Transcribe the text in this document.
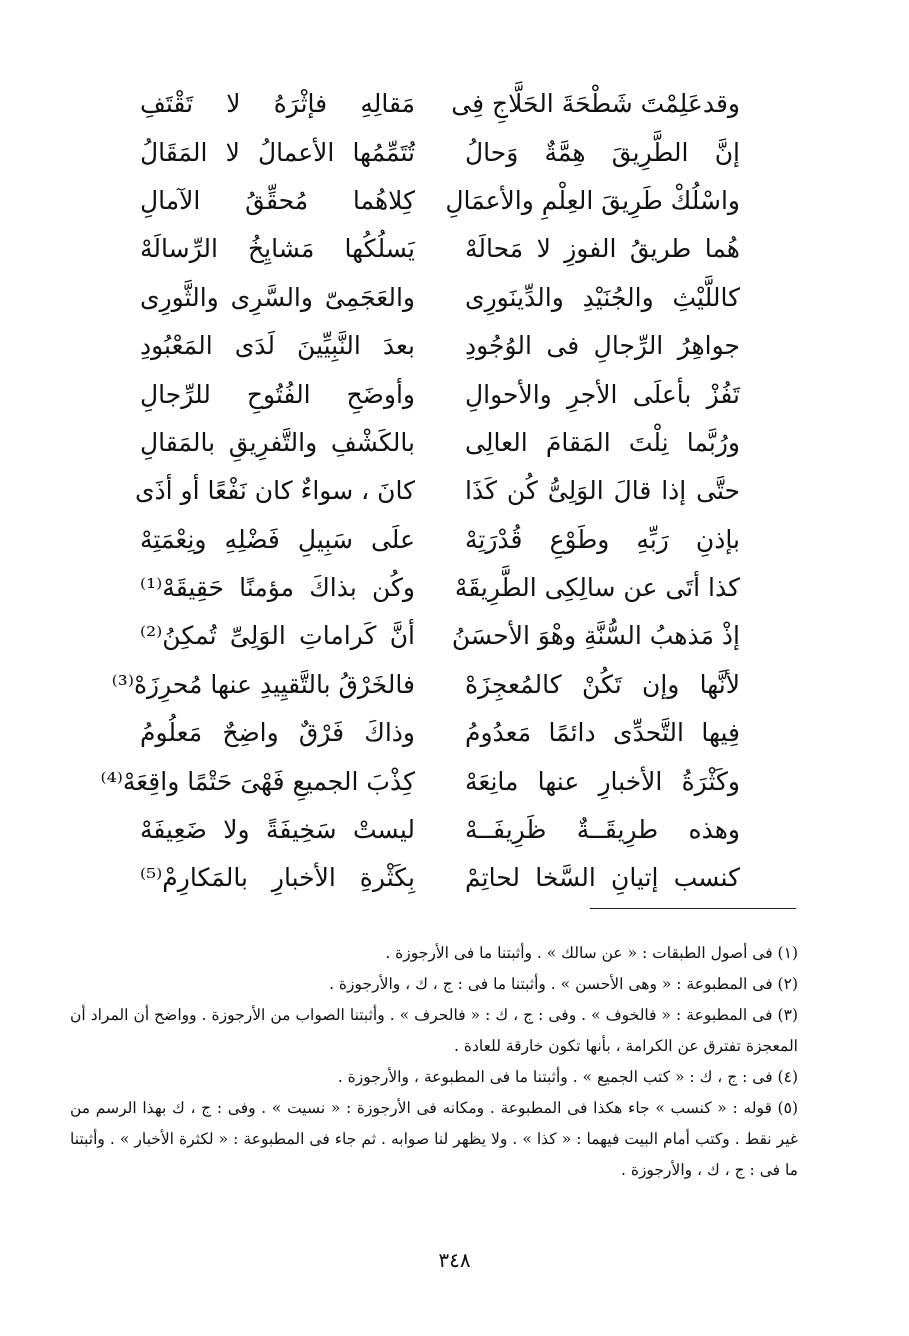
وقدعَلِمْتَ شَطْحَةَ الحَلَّاجِ فِى
مَقالِهِ فإثْرَهُ لا تَقْتَفِ
إنَّ الطَّرِيقَ هِمَّةٌ وَحالُ
تُتَمِّمُها الأعمالُ لا المَقَالُ
واسْلُكْ طَرِيقَ العِلْمِ والأعمَالِ
كِلاهُما مُحقِّقُ الآمالِ
هُما طريقُ الفوزِ لا مَحالَهْ
يَسلُكُها مَشايِخُ الرِّسالَهْ
كاللَّيْثِ والجُنَيْدِ والدِّينَورِى
والعَجَمِىّ والسَّرِى والثَّورِى
جواهِرُ الرِّجالِ فى الوُجُودِ
بعدَ النَّبِيِّينَ لَدَى المَعْبُودِ
تَفُزْ بأعلَى الأجرِ والأحوالِ
وأوضَحِ الفُتُوحِ للرِّجالِ
ورُبَّما نِلْتَ المَقامَ العالِى
بالكَشْفِ والتَّفرِيقِ بالمَقالِ
حتَّى إذا قالَ الوَلِىُّ كُن كَذَا
كانَ ، سواءٌ كان نَفْعًا أو أذَى
بإذنِ رَبِّهِ وطَوْعِ قُدْرَتِهْ
علَى سَبِيلِ فَضْلِهِ ونِعْمَتِهْ
كذا أتَى عن سالِكِى الطَّرِيقَهْ
وكُن بذاكَ مؤمنًا حَقِيقَهْ⁽¹⁾
إذْ مَذهبُ السُّنَّةِ وهْوَ الأحسَنُ
أنَّ كَراماتِ الوَلِىِّ تُمكِنُ⁽²⁾
لأنَّها وإن تَكُنْ كالمُعجِزَهْ
فالخَرْقُ بالتَّقيِيدِ عنها مُحرِزَهْ⁽³⁾
فِيها التَّحدِّى دائمًا مَعدُومُ
وذاكَ فَرْقٌ واضِحٌ مَعلُومُ
وكَثْرَةُ الأخبارِ عنها مانِعَهْ
كِذْبَ الجميعِ فَهْىَ حَتْمًا واقِعَهْ⁽⁴⁾
وهذه طرِيقَــةٌ ظَرِيفَــهْ
ليستْ سَخِيفَةً ولا ضَعِيفَهْ
كنسب إتيانِ السَّخا لحاتِمْ
بِكَثْرةِ الأخبارِ بالمَكارِمْ⁽⁵⁾

(١) فى أصول الطبقات : « عن سالك » . وأثبتنا ما فى الأرجوزة .

(٢) فى المطبوعة : « وهى الأحسن » . وأثبتنا ما فى : ج ، ك ، والأرجوزة .

(٣) فى المطبوعة : « فالخوف » . وفى : ج ، ك : « فالحرف » . وأثبتنا الصواب من الأرجوزة . وواضح أن المراد أن المعجزة تفترق عن الكرامة ، بأنها تكون خارقة للعادة .

(٤) فى : ج ، ك : « كتب الجميع » . وأثبتنا ما فى المطبوعة ، والأرجوزة .

(٥) قوله : « كنسب » جاء هكذا فى المطبوعة . ومكانه فى الأرجوزة : « نسيت » . وفى : ج ، ك بهذا الرسم من غير نقط . وكتب أمام البيت فيهما : « كذا » . ولا يظهر لنا صوابه . ثم جاء فى المطبوعة : « لكثرة الأخبار » . وأثبتنا ما فى : ج ، ك ، والأرجوزة .

٣٤٨
